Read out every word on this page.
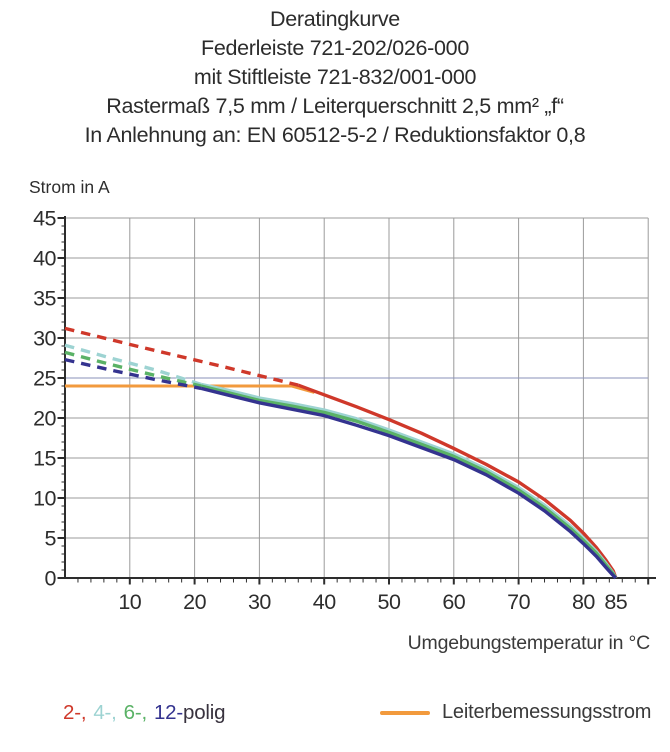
Deratingkurve
Federleiste 721-202/026-000
mit Stiftleiste 721-832/001-000
Rastermaß 7,5 mm / Leiterquerschnitt 2,5 mm² „f“
In Anlehnung an: EN 60512-5-2 / Reduktionsfaktor 0,8
0
5
10
15
20
25
30
35
40
45
10 20 30 40 50 60 70 80 85
Strom in A
Umgebungstemperatur in °C
2-, 4-, 6-, 12-polig	Leiterbemessungsstrom
